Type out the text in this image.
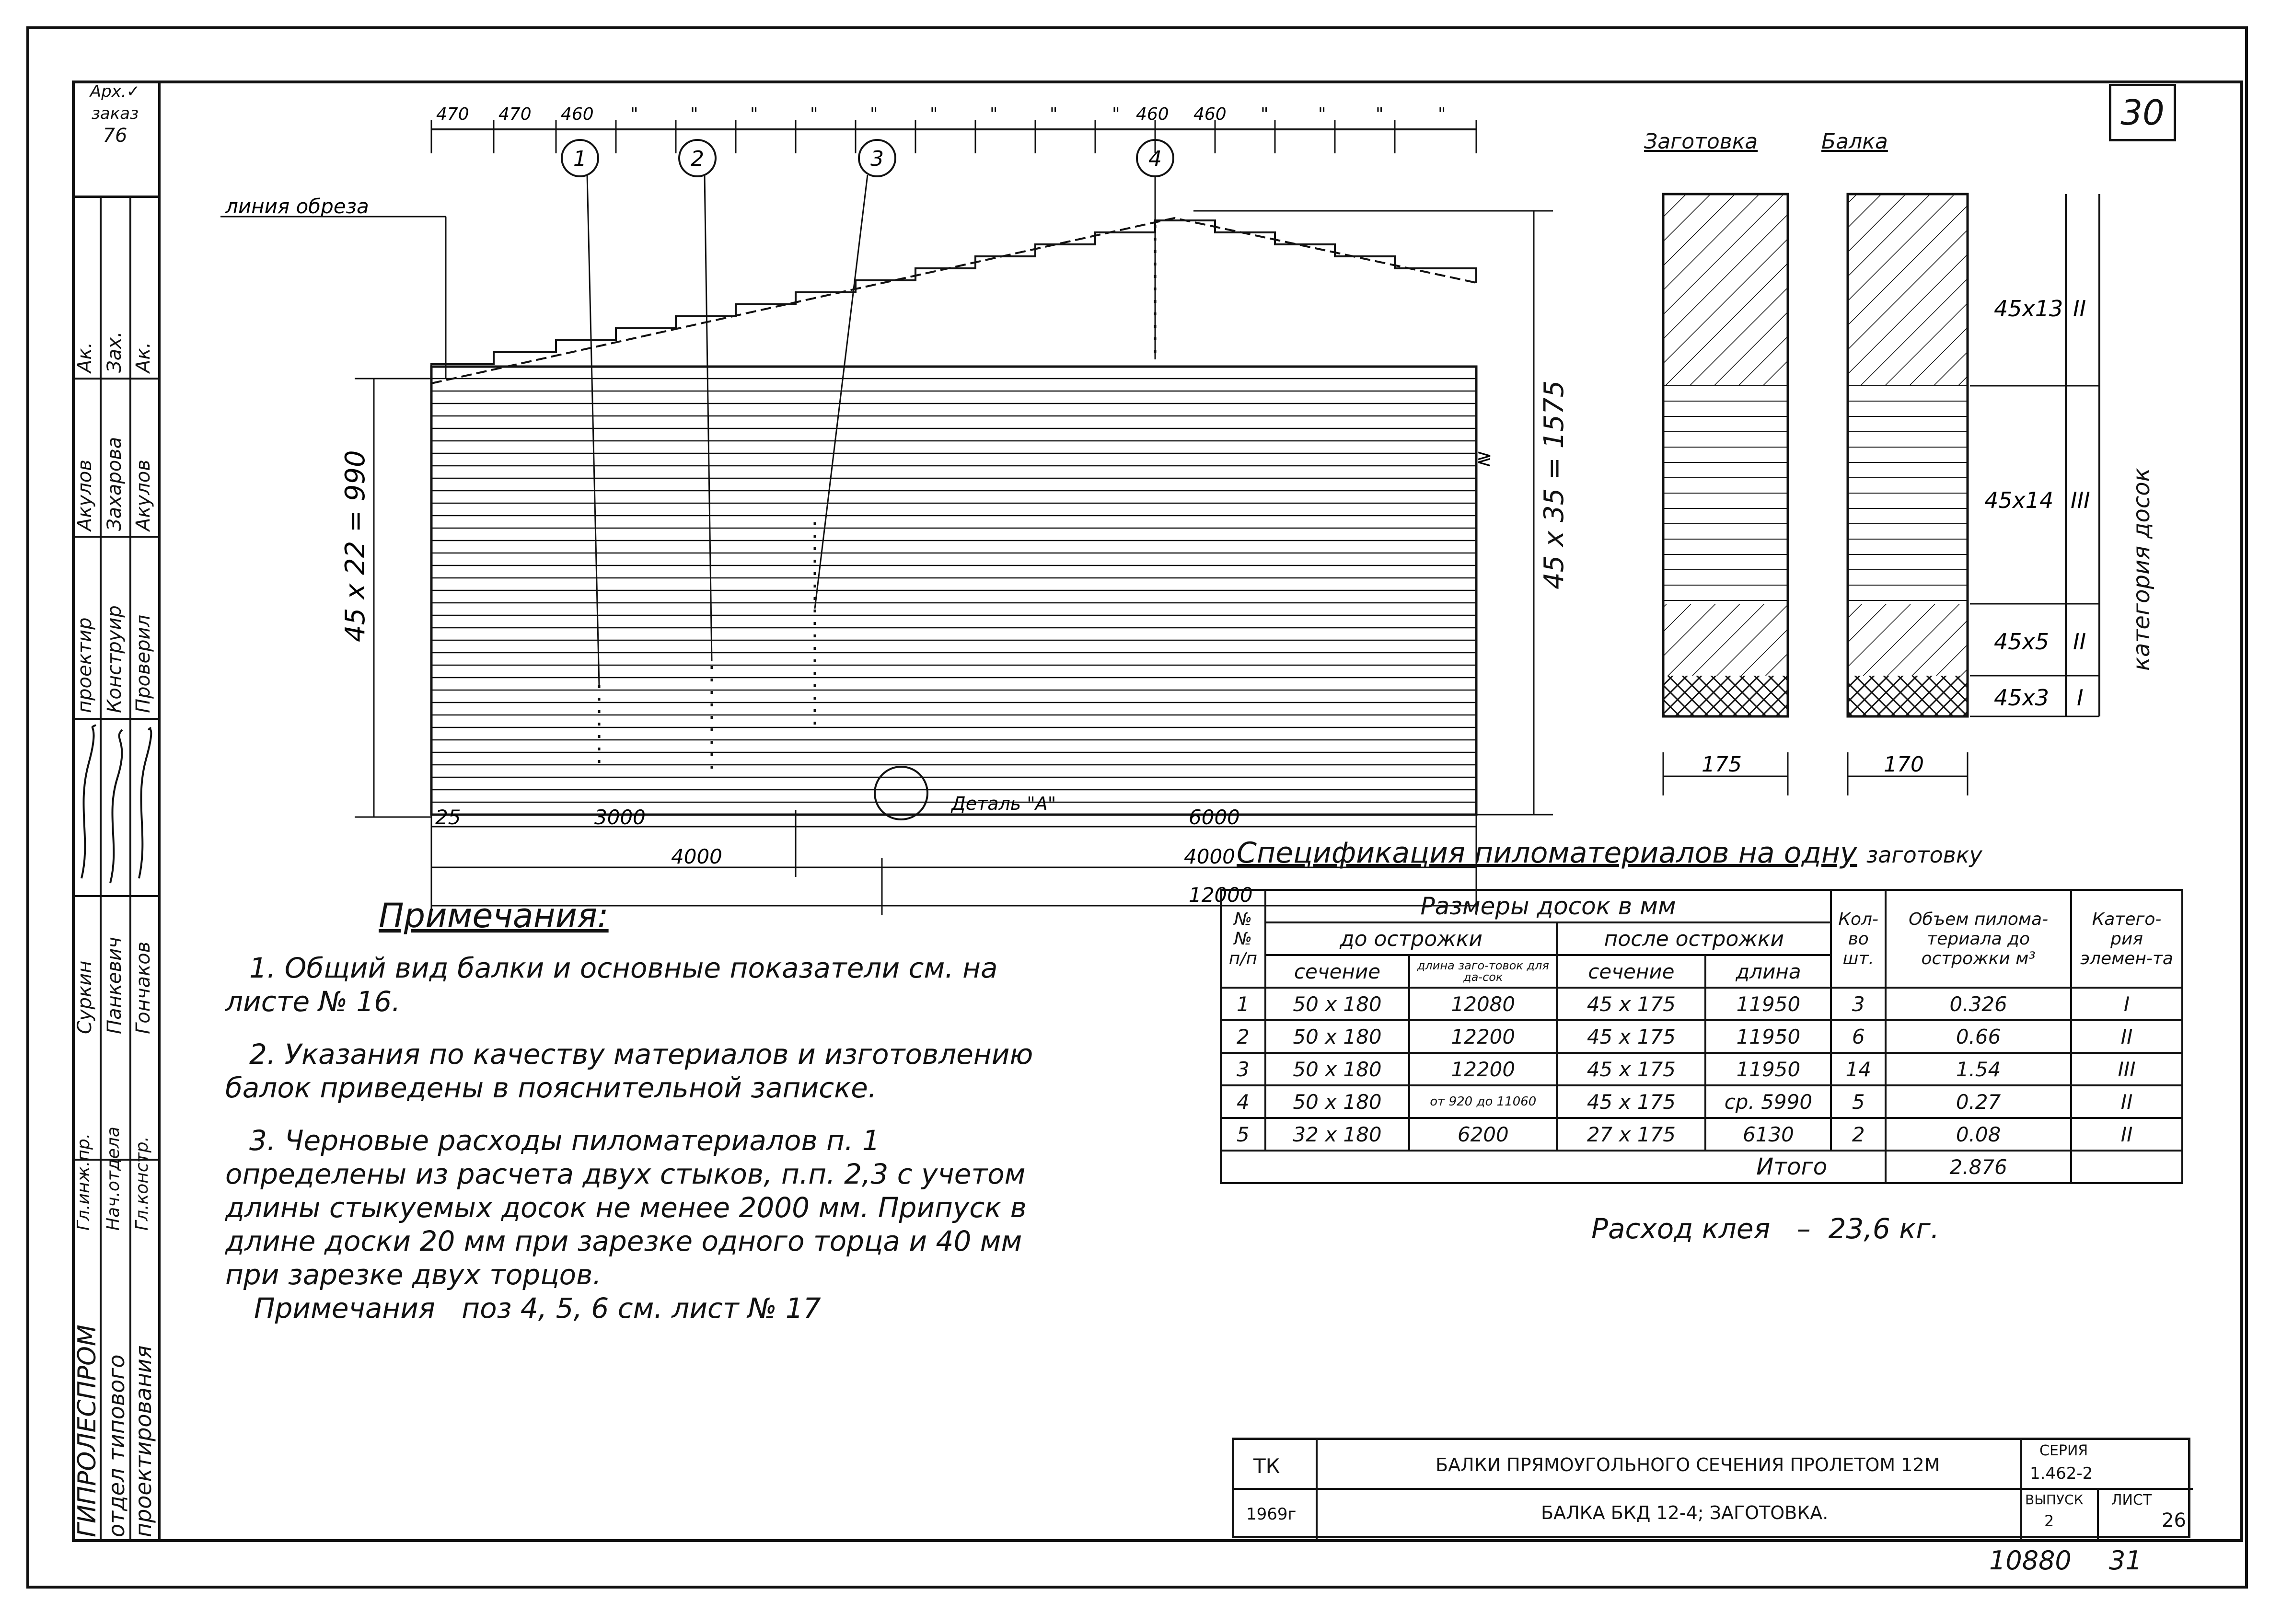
Арх.✓
заказ
76
Ак. Зах. Ак.
Акулов Захарова Акулов
проектир Конструир Проверил
Суркин Панкевич Гончаков
Гл.инж.пр. Нач.отдела Гл.констр.
ГИПРОЛЕСПРОМ отдел типового проектирования
30
470 470 460 "	"	"	"	"	"	"	"	" 460 460 "	"	"	"
линия обреза
1	2	3	4
Деталь "А"
≷
45 x 22 = 990
25	3000	6000
4000	4000
12000
45 x 35 = 1575
Заготовка	Балка
45x13 II
45x14 III
45x5 II
45x3 I
175	170
категория досок
Спецификация пиломатериалов на одну заготовку
№№ п/п	Размеры досок в мм				Кол-во шт.	Объем пилома-териала до острожки м³	Катего-рия элемен-та
	до острожки		после острожки				
	сечение	длина заго-товок для да-сок	сечение	длина			
1	50 x 180	12080	45 x 175	11950	3	0.326	I
2	50 x 180	12200	45 x 175	11950	6	0.66	II
3	50 x 180	12200	45 x 175	11950	14	1.54	III
4	50 x 180	от 920 до 11060	45 x 175	ср. 5990	5	0.27	II
5	32 x 180	6200	27 x 175	6130	2	0.08	II
Итого						2.876	
Расход клея   –  23,6 кг.
Примечания:

1. Общий вид балки и основные показатели см. на листе № 16.

2. Указания по качеству материалов и изготовлению балок приведены в пояснительной записке.

3. Черновые расходы пиломатериалов п. 1 определены из расчета двух стыков, п.п. 2,3 с учетом длины стыкуемых досок не менее 2000 мм. Припуск в длине доски 20 мм при зарезке одного торца и 40 мм при зарезке двух торцов.

Примечания   поз 4, 5, 6 см. лист № 17

ТК
1969г
БАЛКИ ПРЯМОУГОЛЬНОГО СЕЧЕНИЯ ПРОЛЕТОМ 12М
БАЛКА БКД 12-4; ЗАГОТОВКА.
СЕРИЯ
1.462-2
ВЫПУСК
2
ЛИСТ
26
10880 31
